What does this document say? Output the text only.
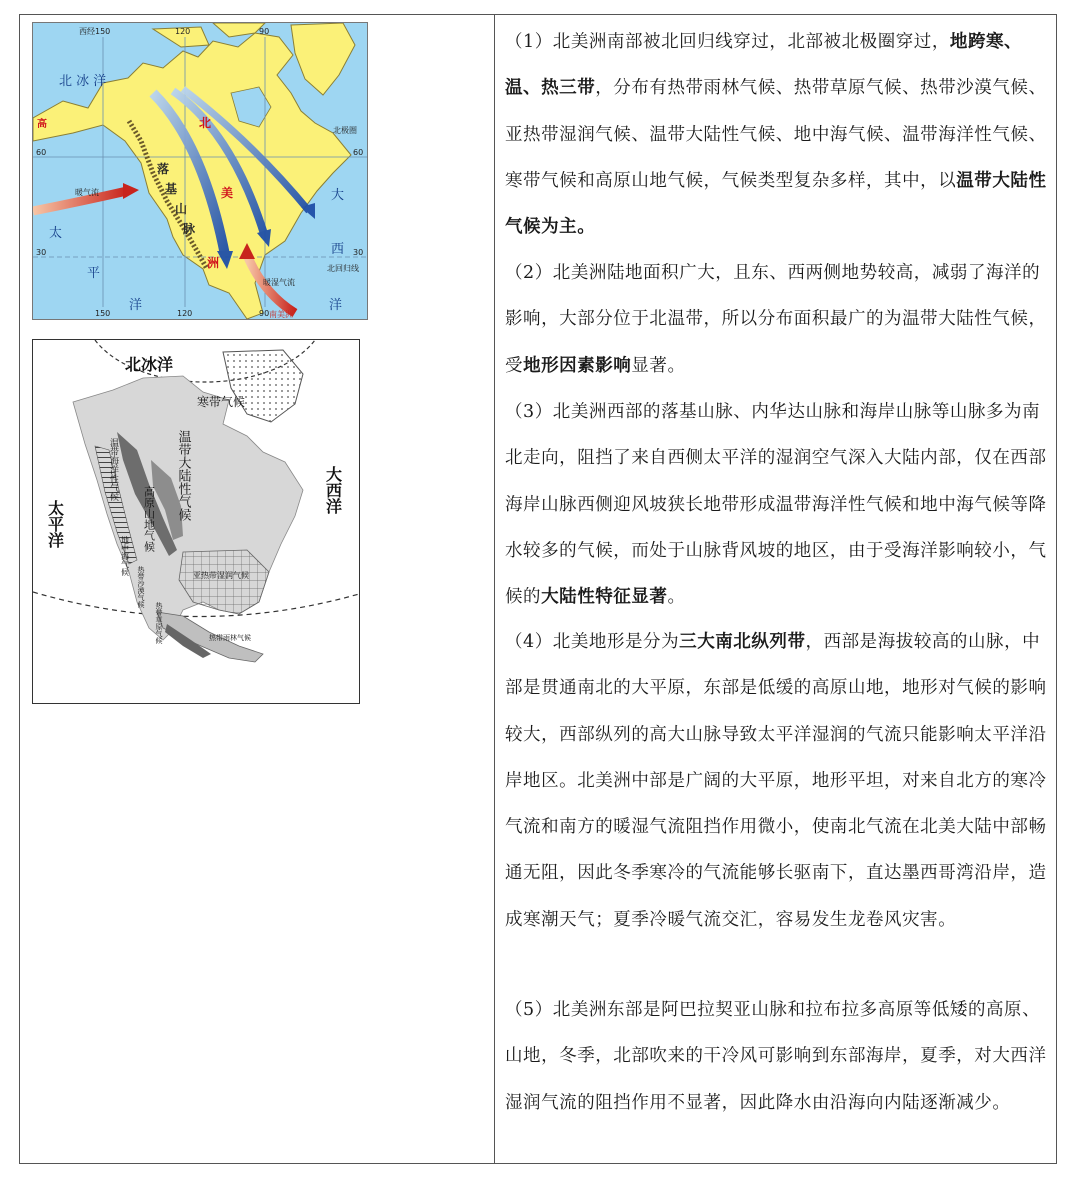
北 冰 洋
太
平
洋
大
西
洋
北
美
洲
高
落
基
山
脉
暖气流
暖湿气流
南美洲
北极圈
北回归线
西经150	120	90
150	120	90
60
30
60
30
北冰洋
寒带气候
大西洋
太平洋
温带大陆性气候
温带海洋性气候
高原山地气候
亚热带湿润气候
地中海气候
热带沙漠气候
热带草原气候	热带雨林气候

（1）北美洲南部被北回归线穿过，北部被北极圈穿过，地跨寒、温、热三带，分布有热带雨林气候、热带草原气候、热带沙漠气候、亚热带湿润气候、温带大陆性气候、地中海气候、温带海洋性气候、寒带气候和高原山地气候，气候类型复杂多样，其中，以温带大陆性气候为主。

（2）北美洲陆地面积广大，且东、西两侧地势较高，减弱了海洋的影响，大部分位于北温带，所以分布面积最广的为温带大陆性气候，受地形因素影响显著。

（3）北美洲西部的落基山脉、内华达山脉和海岸山脉等山脉多为南北走向，阻挡了来自西侧太平洋的湿润空气深入大陆内部，仅在西部海岸山脉西侧迎风坡狭长地带形成温带海洋性气候和地中海气候等降水较多的气候，而处于山脉背风坡的地区，由于受海洋影响较小，气候的大陆性特征显著。

（4）北美地形是分为三大南北纵列带，西部是海拔较高的山脉，中部是贯通南北的大平原，东部是低缓的高原山地，地形对气候的影响较大，西部纵列的高大山脉导致太平洋湿润的气流只能影响太平洋沿岸地区。北美洲中部是广阔的大平原，地形平坦，对来自北方的寒冷气流和南方的暖湿气流阻挡作用微小，使南北气流在北美大陆中部畅通无阻，因此冬季寒冷的气流能够长驱南下，直达墨西哥湾沿岸，造成寒潮天气；夏季冷暖气流交汇，容易发生龙卷风灾害。

（5）北美洲东部是阿巴拉契亚山脉和拉布拉多高原等低矮的高原、山地，冬季，北部吹来的干冷风可影响到东部海岸，夏季，对大西洋湿润气流的阻挡作用不显著，因此降水由沿海向内陆逐渐减少。
